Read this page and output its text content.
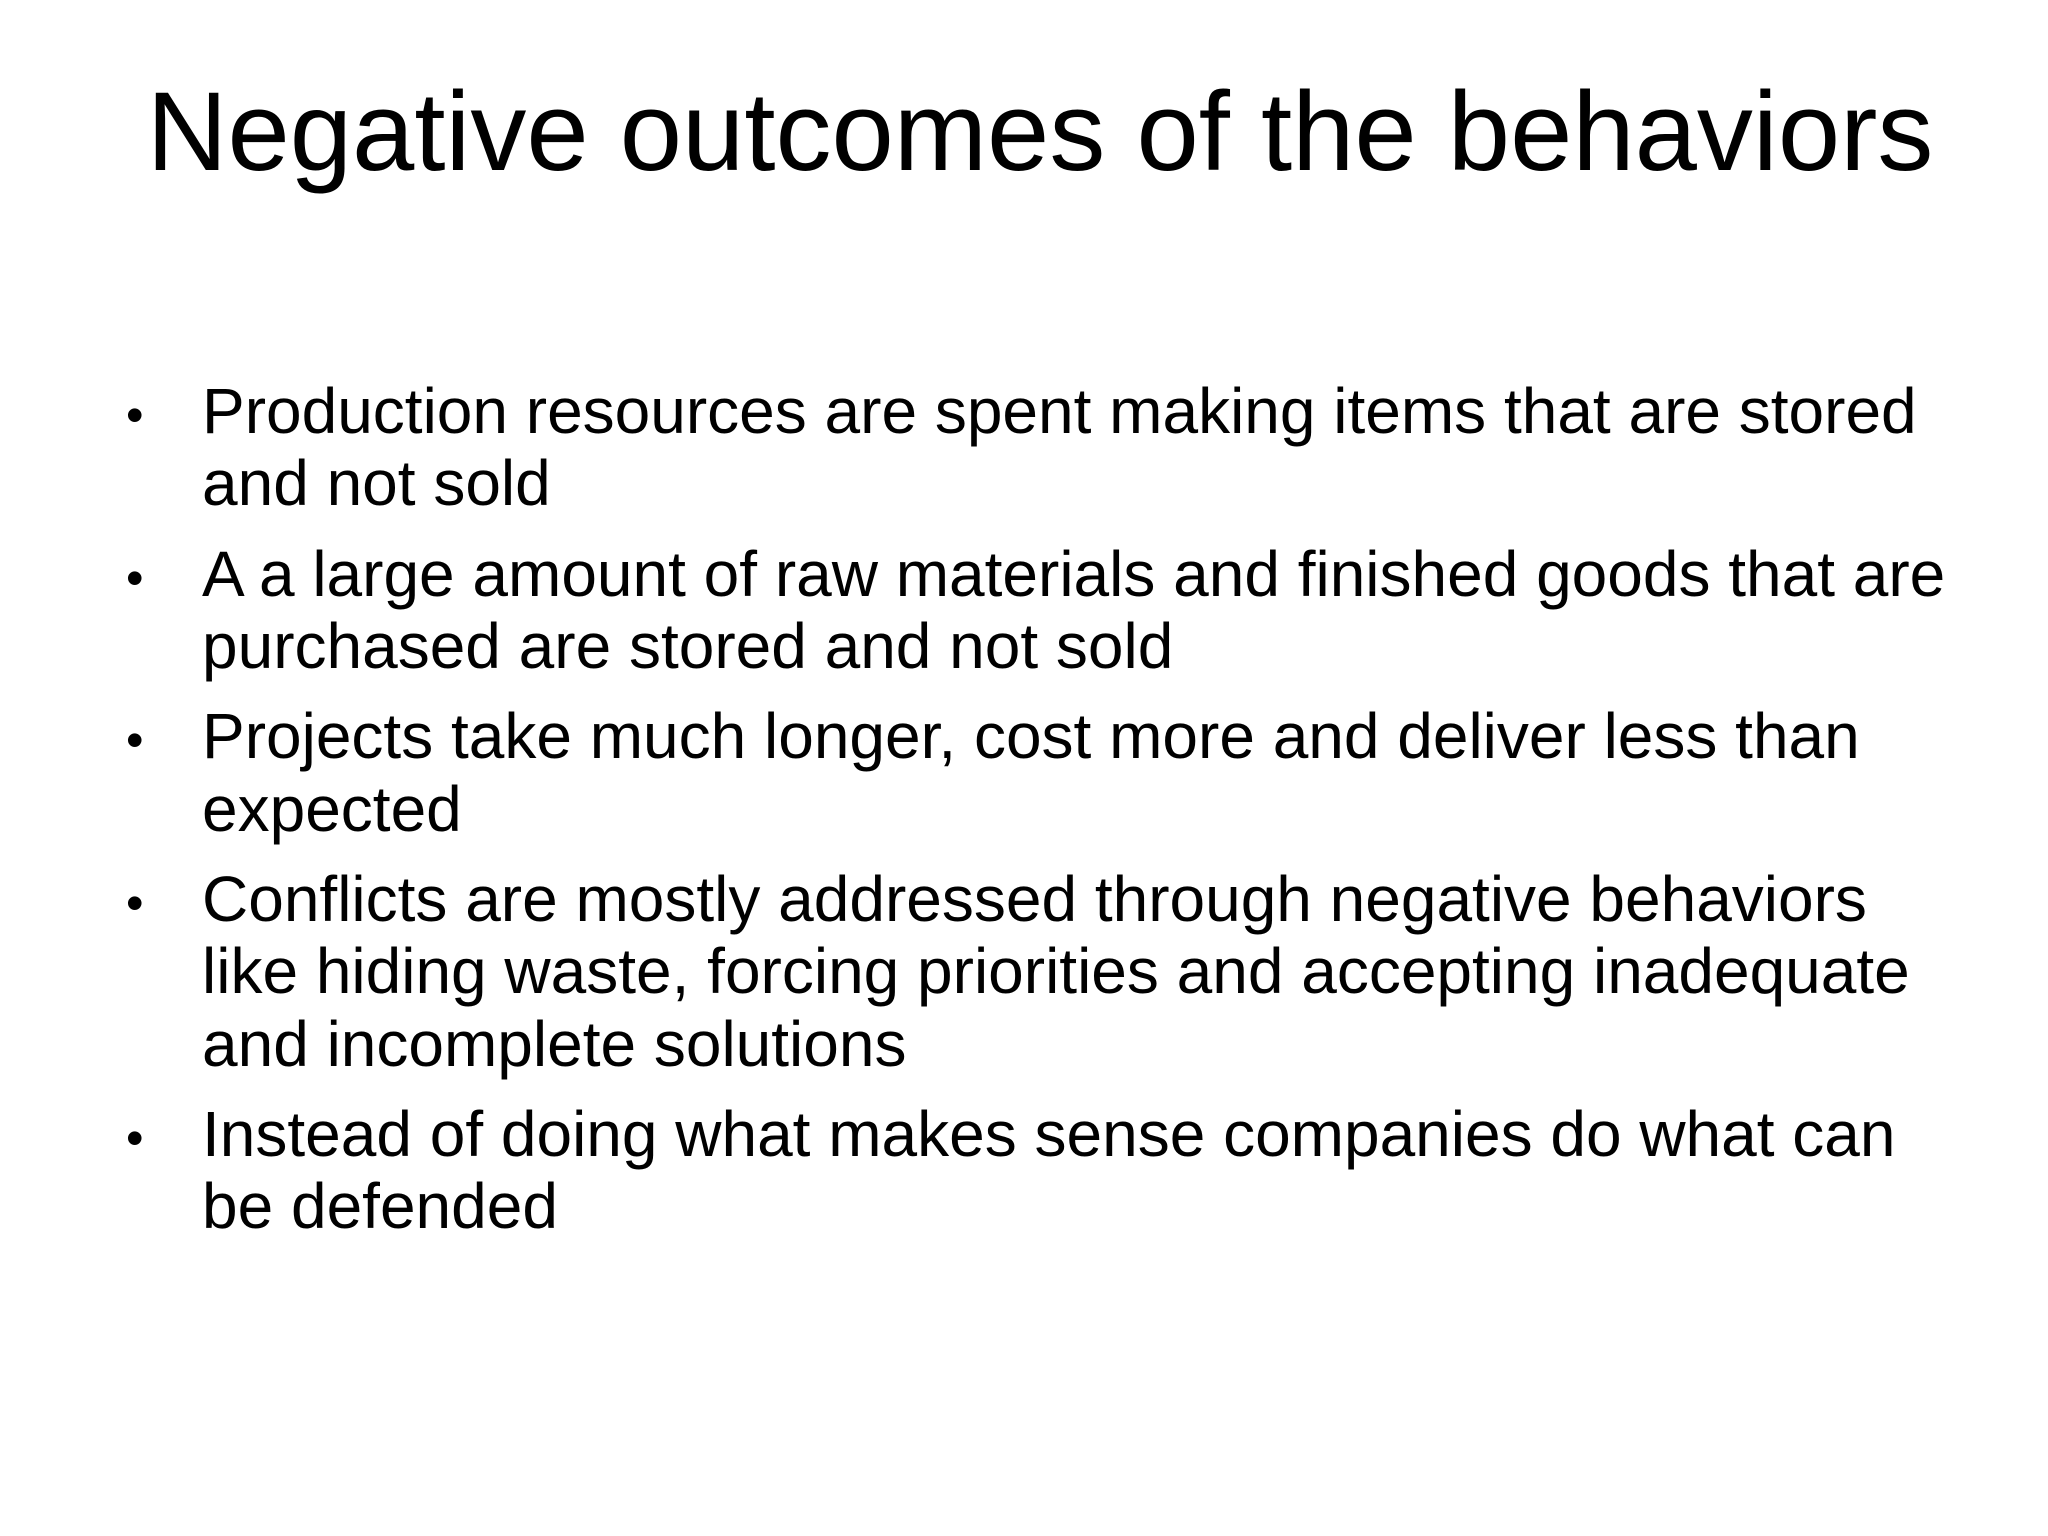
Negative outcomes of the behaviors
• Production resources are spent making items that are stored and not sold
• A a large amount of raw materials and finished goods that are purchased are stored and not sold
• Projects take much longer, cost more and deliver less than expected
• Conflicts are mostly addressed through negative behaviors like hiding waste, forcing priorities and accepting inadequate and incomplete solutions
• Instead of doing what makes sense companies do what can be defended
